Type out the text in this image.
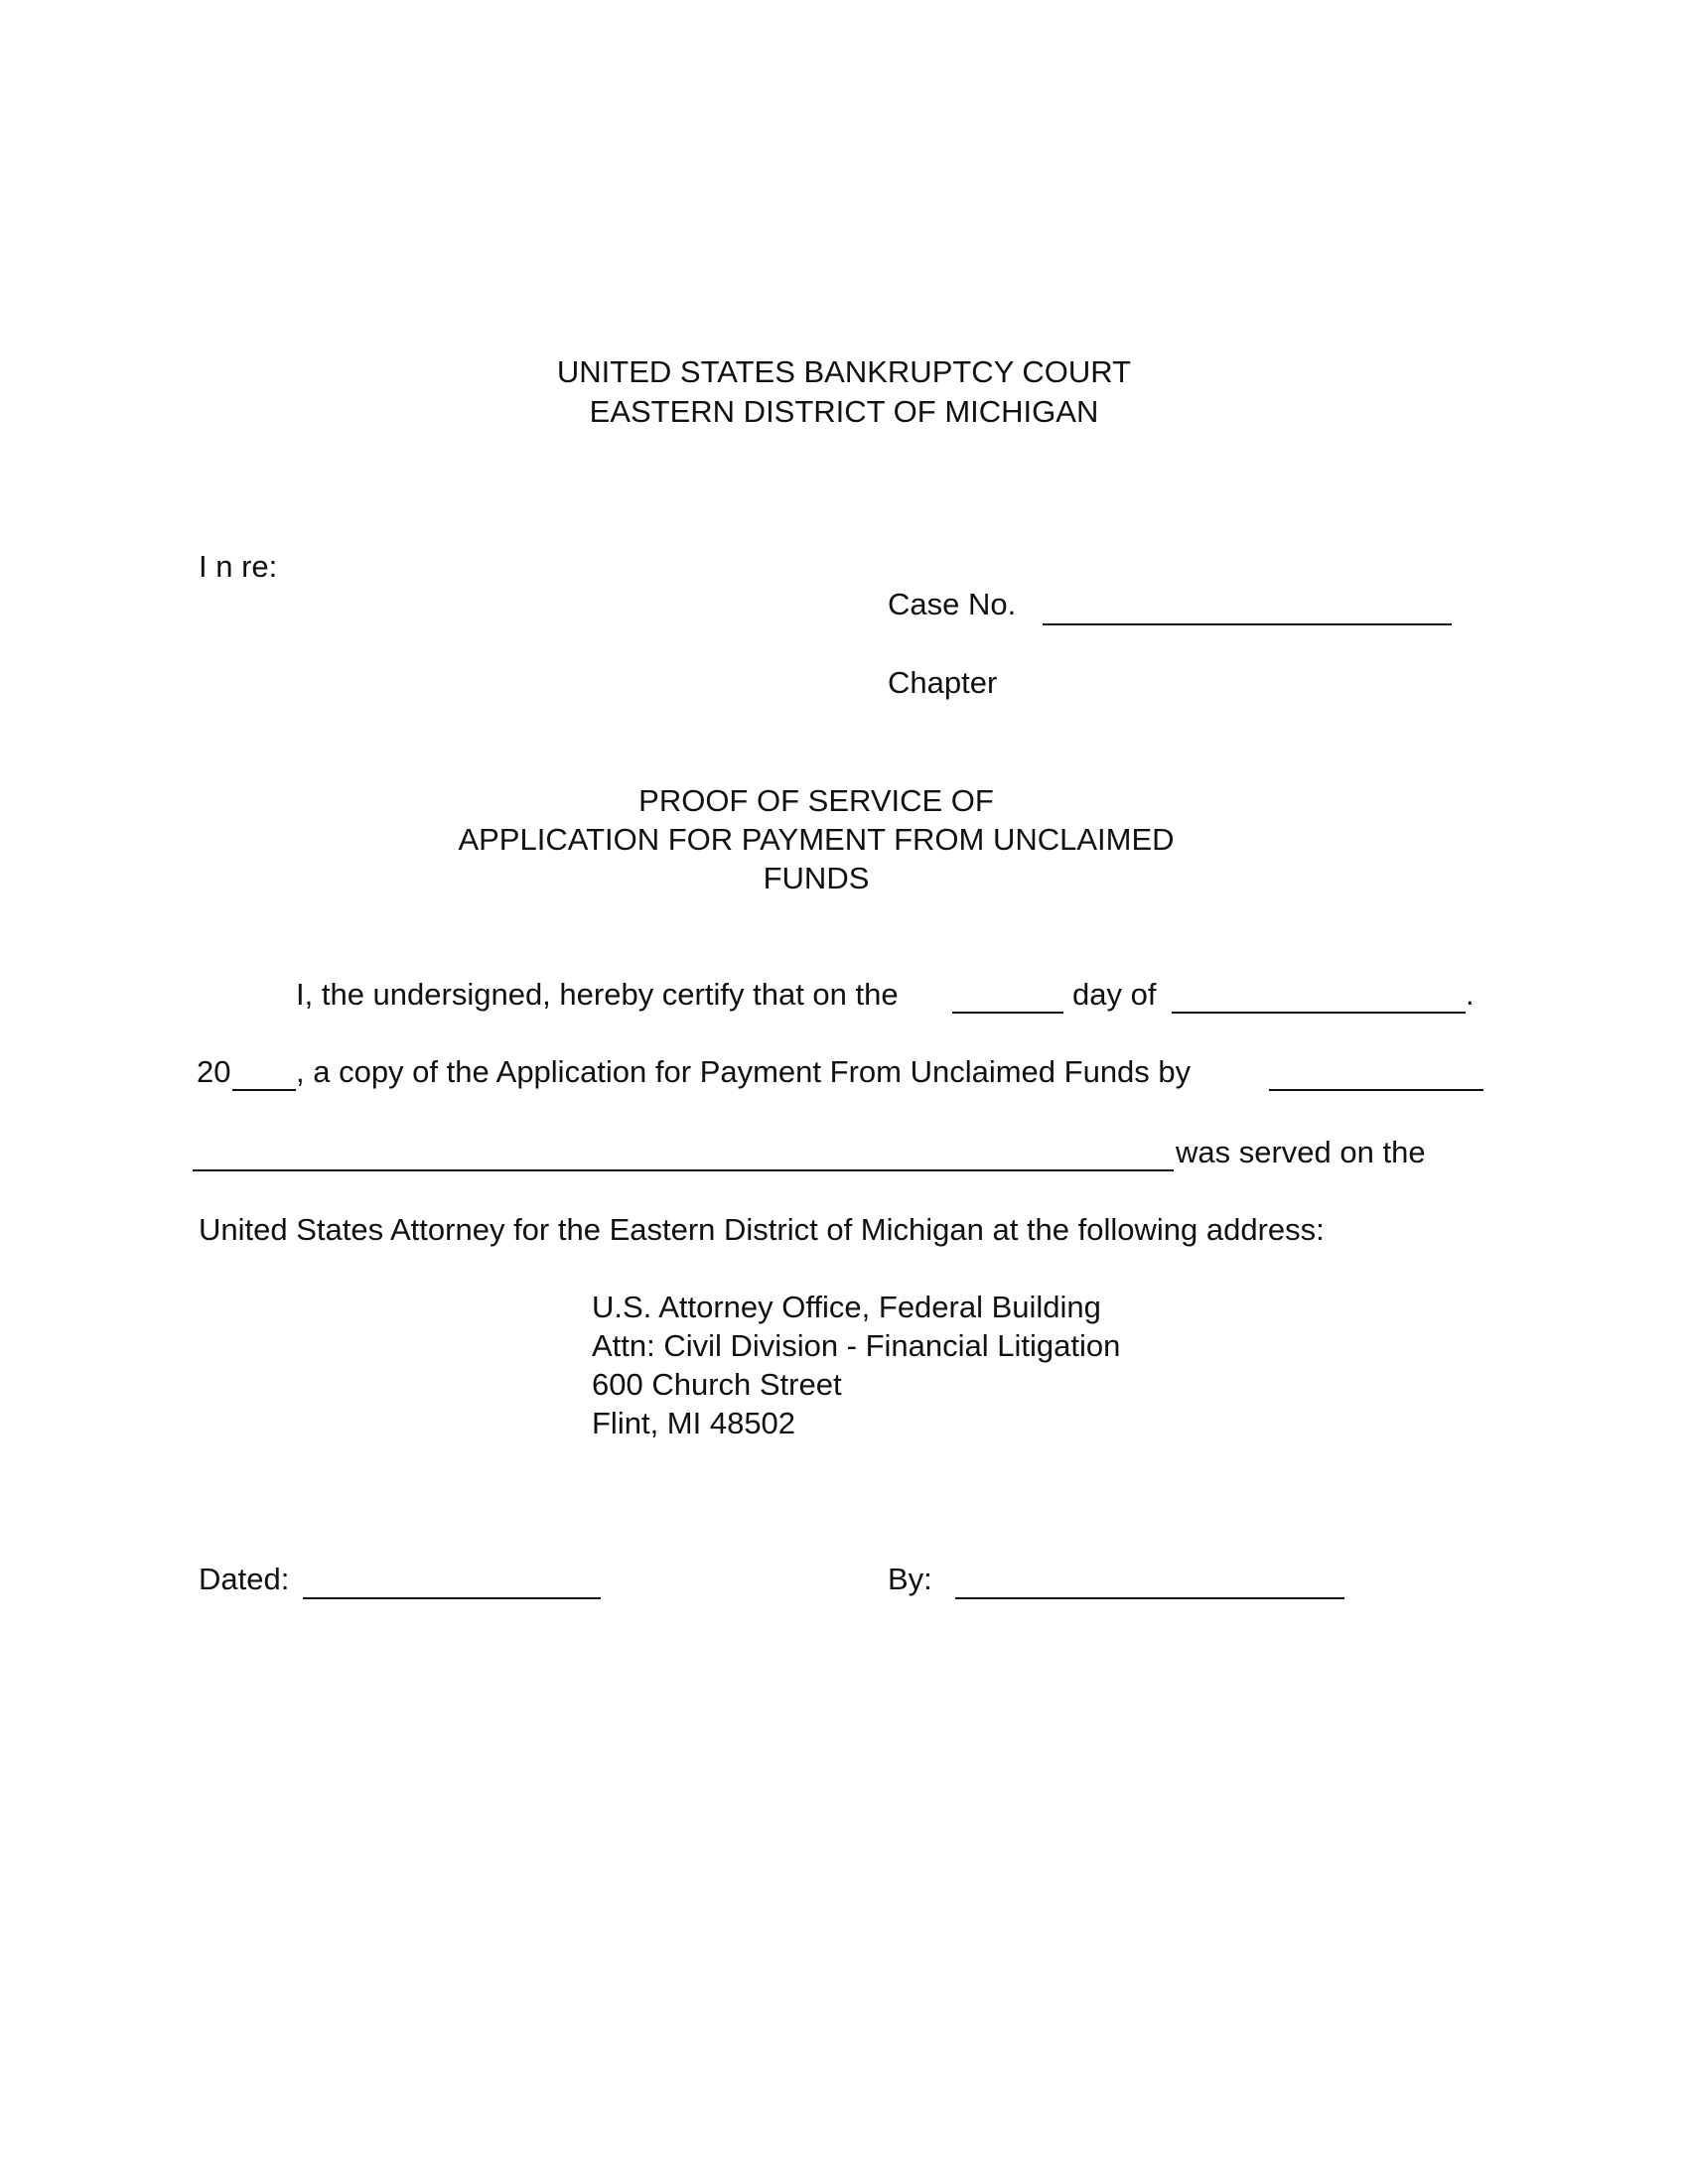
UNITED STATES BANKRUPTCY COURT
EASTERN DISTRICT OF MICHIGAN
I n re:
Case No.
Chapter
PROOF OF SERVICE OF
APPLICATION FOR PAYMENT FROM UNCLAIMED
FUNDS
I, the undersigned, hereby certify that on the	day of	.
20 , a copy of the Application for Payment From Unclaimed Funds by
was served on the
United States Attorney for the Eastern District of Michigan at the following address:
U.S. Attorney Office, Federal Building
Attn: Civil Division - Financial Litigation
600 Church Street
Flint, MI 48502
Dated:	By:
